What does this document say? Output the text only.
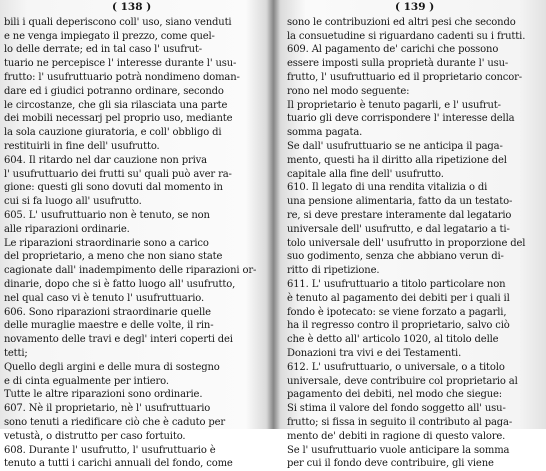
( 138 )
bili i quali deperiscono coll' uso, siano venduti
e ne venga impiegato il prezzo, come quel-
lo delle derrate; ed in tal caso l' usufrut-
tuario ne percepisce l' interesse durante l' usu-
frutto: l' usufruttuario potrà nondimeno doman-
dare ed i giudici potranno ordinare, secondo
le circostanze, che gli sia rilasciata una parte
dei mobili necessarj pel proprio uso, mediante
la sola cauzione giuratoria, e coll' obbligo di
restituirli in fine dell' usufrutto.
604. Il ritardo nel dar cauzione non priva
l' usufruttuario dei frutti su' quali può aver ra-
gione: questi gli sono dovuti dal momento in
cui si fa luogo all' usufrutto.
605. L' usufruttuario non è tenuto, se non
alle riparazioni ordinarie.
Le riparazioni straordinarie sono a carico
del proprietario, a meno che non siano state
cagionate dall' inadempimento delle riparazioni or-
dinarie, dopo che si è fatto luogo all' usufrutto,
nel qual caso vi è tenuto l' usufruttuario.
606. Sono riparazioni straordinarie quelle
delle muraglie maestre e delle volte, il rin-
novamento delle travi e degl' interi coperti dei
tetti;
Quello degli argini e delle mura di sostegno
e di cinta egualmente per intiero.
Tutte le altre riparazioni sono ordinarie.
607. Nè il proprietario, nè l' usufruttuario
sono tenuti a riedificare ciò che è caduto per
vetustà, o distrutto per caso fortuito.
608. Durante l' usufrutto, l' usufruttuario è
tenuto a tutti i carichi annuali del fondo, come
( 139 )
sono le contribuzioni ed altri pesi che secondo
la consuetudine si riguardano cadenti su i frutti.
609. Al pagamento de' carichi che possono
essere imposti sulla proprietà durante l' usu-
frutto, l' usufruttuario ed il proprietario concor-
rono nel modo seguente:
Il proprietario è tenuto pagarli, e l' usufrut-
tuario gli deve corrispondere l' interesse della
somma pagata.
Se dall' usufruttuario se ne anticipa il paga-
mento, questi ha il diritto alla ripetizione del
capitale alla fine dell' usufrutto.
610. Il legato di una rendita vitalizia o di
una pensione alimentaria, fatto da un testato-
re, si deve prestare interamente dal legatario
universale dell' usufrutto, e dal legatario a ti-
tolo universale dell' usufrutto in proporzione del
suo godimento, senza che abbiano verun di-
ritto di ripetizione.
611. L' usufruttuario a titolo particolare non
è tenuto al pagamento dei debiti per i quali il
fondo è ipotecato: se viene forzato a pagarli,
ha il regresso contro il proprietario, salvo ciò
che è detto all' articolo 1020, al titolo delle
Donazioni tra vivi e dei Testamenti.
612. L' usufruttuario, o universale, o a titolo
universale, deve contribuire col proprietario al
pagamento dei debiti, nel modo che siegue:
Si stima il valore del fondo soggetto all' usu-
frutto; si fissa in seguito il contributo al paga-
mento de' debiti in ragione di questo valore.
Se l' usufruttuario vuole anticipare la somma
per cui il fondo deve contribuire, gli viene
